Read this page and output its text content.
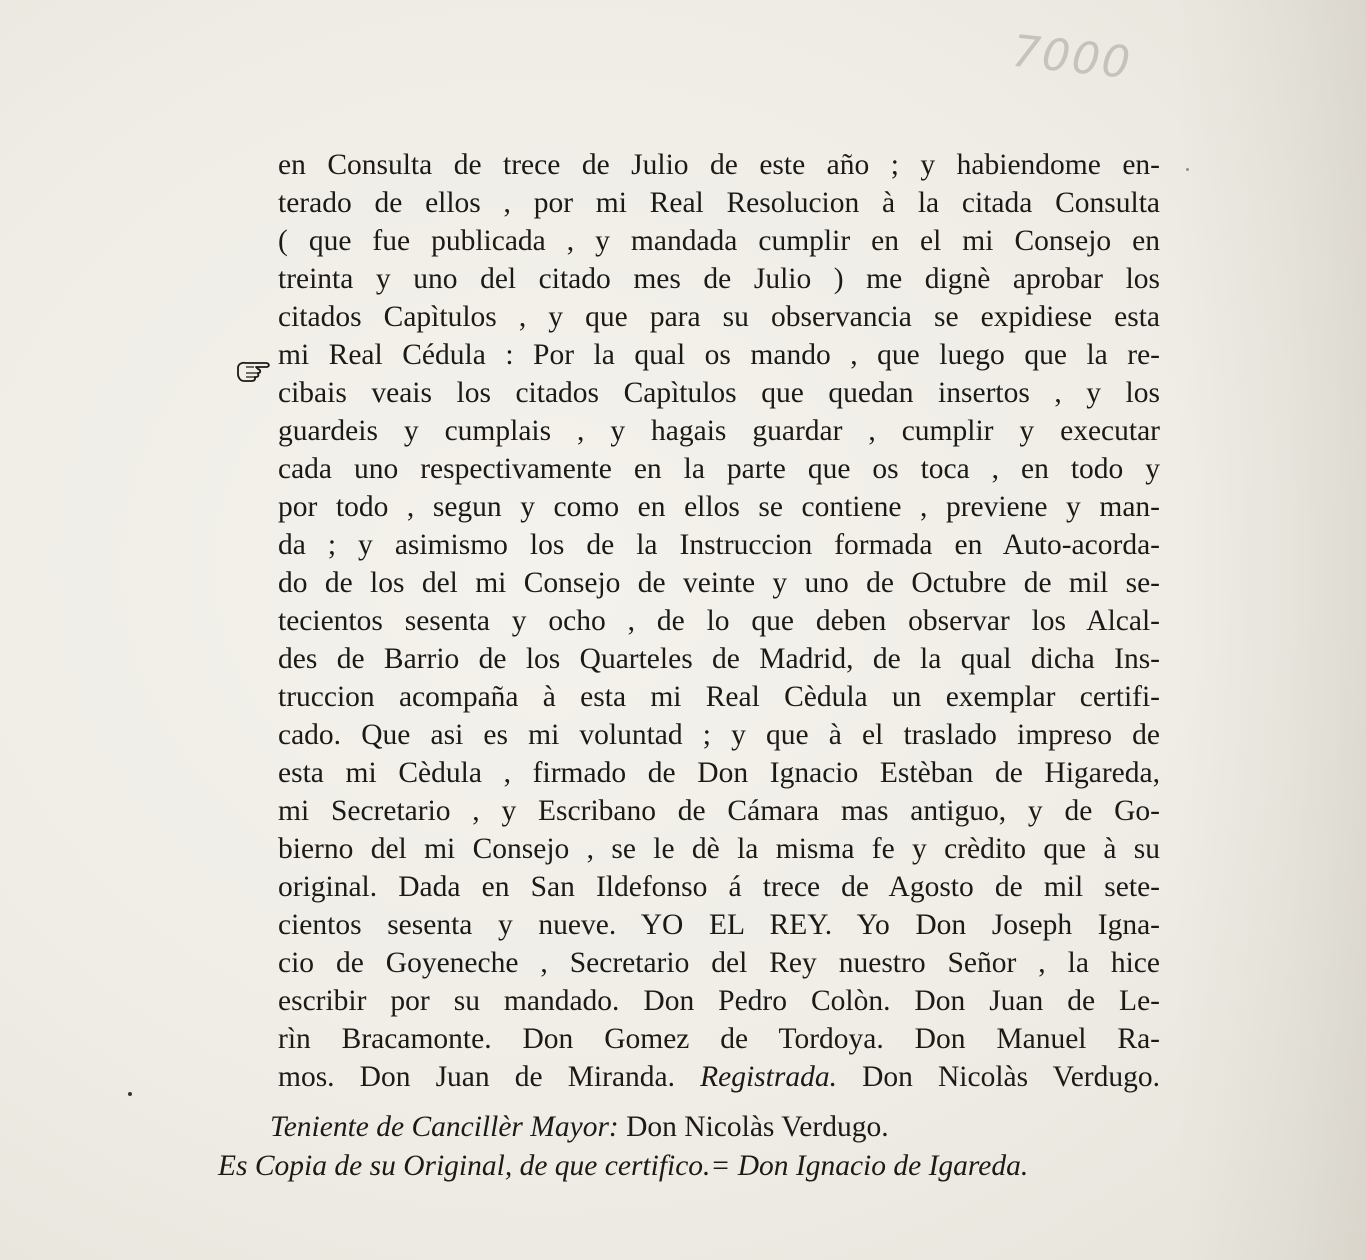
7000
en Consulta de trece de Julio de este año ; y habiendome en-
terado de ellos , por mi Real Resolucion à la citada Consulta
( que fue publicada , y mandada cumplir en el mi Consejo en
treinta y uno del citado mes de Julio ) me dignè aprobar los
citados Capìtulos , y que para su observancia se expidiese esta
mi Real Cédula : Por la qual os mando , que luego que la re-
cibais veais los citados Capìtulos que quedan insertos , y los
guardeis y cumplais , y hagais guardar , cumplir y executar
cada uno respectivamente en la parte que os toca , en todo y
por todo , segun y como en ellos se contiene , previene y man-
da ; y asimismo los de la Instruccion formada en Auto-acorda-
do de los del mi Consejo de veinte y uno de Octubre de mil se-
tecientos sesenta y ocho , de lo que deben observar los Alcal-
des de Barrio de los Quarteles de Madrid, de la qual dicha Ins-
truccion acompaña à esta mi Real Cèdula un exemplar certifi-
cado. Que asi es mi voluntad ; y que à el traslado impreso de
esta mi Cèdula , firmado de Don Ignacio Estèban de Higareda,
mi Secretario , y Escribano de Cámara mas antiguo, y de Go-
bierno del mi Consejo , se le dè la misma fe y crèdito que à su
original. Dada en San Ildefonso á trece de Agosto de mil sete-
cientos sesenta y nueve. YO EL REY. Yo Don Joseph Igna-
cio de Goyeneche , Secretario del Rey nuestro Señor , la hice
escribir por su mandado. Don Pedro Colòn. Don Juan de Le-
rìn Bracamonte. Don Gomez de Tordoya. Don Manuel Ra-
mos. Don Juan de Miranda. Registrada. Don Nicolàs Verdugo.
Teniente de Cancillèr Mayor: Don Nicolàs Verdugo.
Es Copia de su Original, de que certifico.= Don Ignacio de Igareda.
